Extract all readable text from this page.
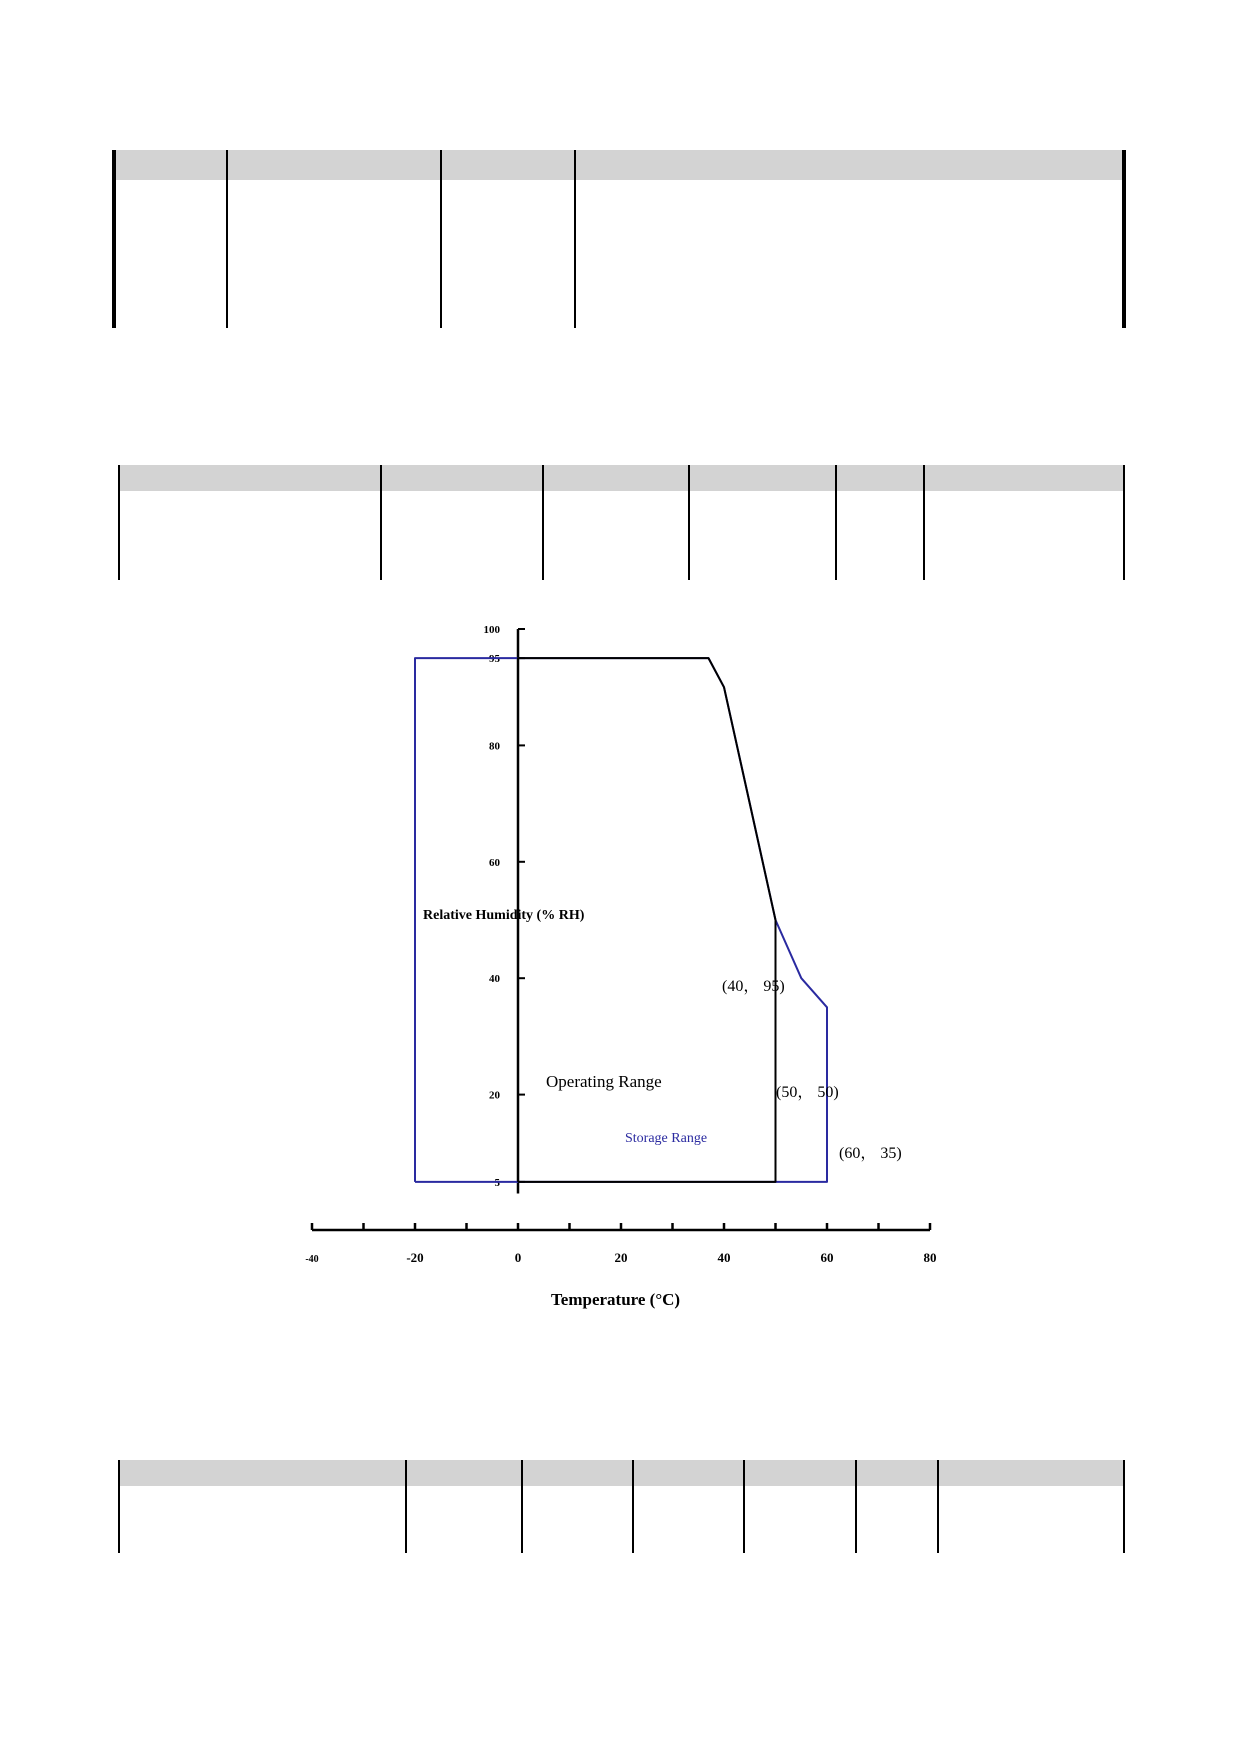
Relative Humidity (% RH)
Temperature (°C)
-40	-20	0	20	40	60	80
100
95
80
60
40
20
5
Operating Range
Storage Range
(40， 95)
(50， 50)
(60， 35)
